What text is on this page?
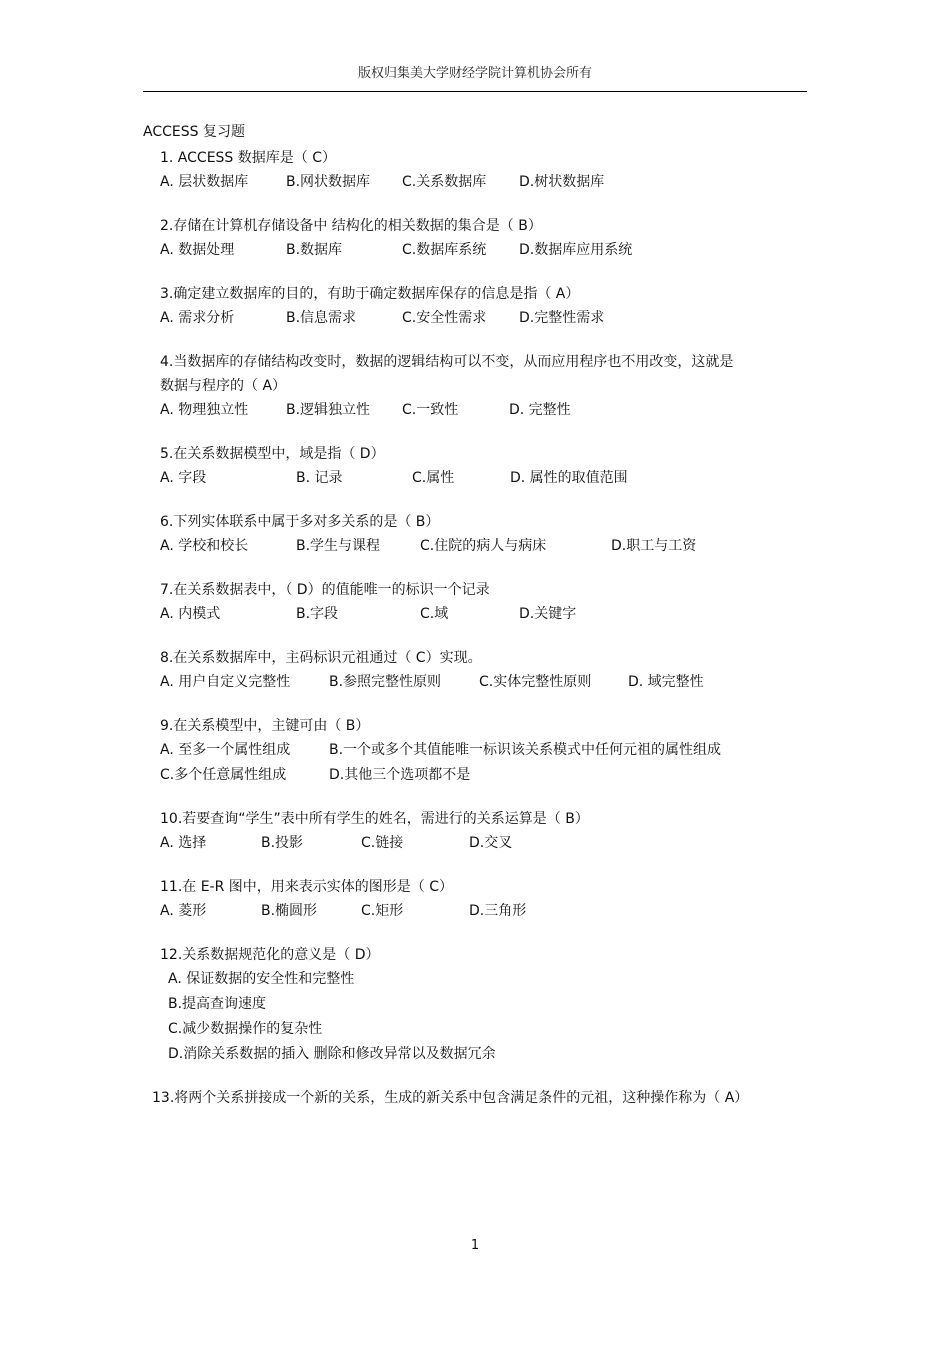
版权归集美大学财经学院计算机协会所有
ACCESS 复习题
1. ACCESS 数据库是（ C）
A. 层状数据库	B.网状数据库	C.关系数据库	D.树状数据库
2.存储在计算机存储设备中 结构化的相关数据的集合是（ B）
A. 数据处理	B.数据库	C.数据库系统	D.数据库应用系统
3.确定建立数据库的目的，有助于确定数据库保存的信息是指（ A）
A. 需求分析	B.信息需求	C.安全性需求	D.完整性需求
4.当数据库的存储结构改变时，数据的逻辑结构可以不变，从而应用程序也不用改变，这就是数据与程序的（ A）
A. 物理独立性	B.逻辑独立性	C.一致性	D. 完整性
5.在关系数据模型中，域是指（ D）
A. 字段	B. 记录	C.属性	D. 属性的取值范围
6.下列实体联系中属于多对多关系的是（ B）
A. 学校和校长	B.学生与课程	C.住院的病人与病床	D.职工与工资
7.在关系数据表中，（ D）的值能唯一的标识一个记录
A. 内模式	B.字段	C.域	D.关键字
8.在关系数据库中，主码标识元祖通过（ C）实现。
A. 用户自定义完整性	B.参照完整性原则	C.实体完整性原则	D. 域完整性
9.在关系模型中，主键可由（ B）
A. 至多一个属性组成	B.一个或多个其值能唯一标识该关系模式中任何元祖的属性组成
C.多个任意属性组成	D.其他三个选项都不是
10.若要查询“学生”表中所有学生的姓名，需进行的关系运算是（ B）
A. 选择	B.投影	C.链接	D.交叉
11.在 E-R 图中，用来表示实体的图形是（ C）
A. 菱形	B.椭圆形	C.矩形	D.三角形
12.关系数据规范化的意义是（ D）
A. 保证数据的安全性和完整性
B.提高查询速度
C.减少数据操作的复杂性
D.消除关系数据的插入 删除和修改异常以及数据冗余
13.将两个关系拼接成一个新的关系，生成的新关系中包含满足条件的元祖，这种操作称为（ A）
1
